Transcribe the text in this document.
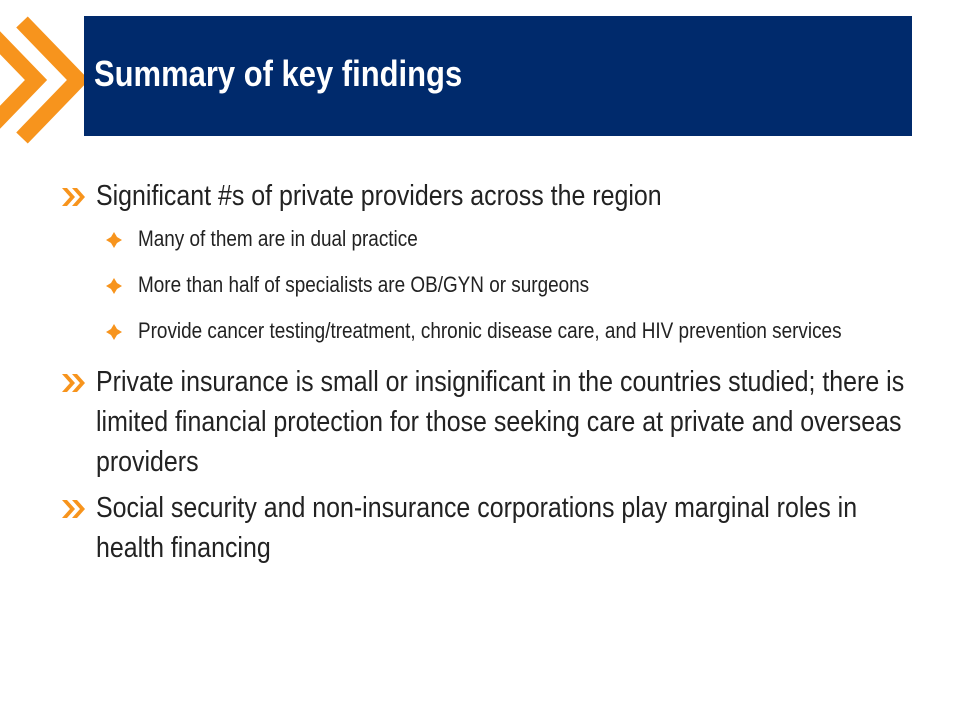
Summary of key findings
Significant #s of private providers across the region
Many of them are in dual practice
More than half of specialists are OB/GYN or surgeons
Provide cancer testing/treatment, chronic disease care, and HIV prevention services
Private insurance is small or insignificant in the countries studied; there is limited financial protection for those seeking care at private and overseas providers
Social security and non-insurance corporations play marginal roles in health financing
